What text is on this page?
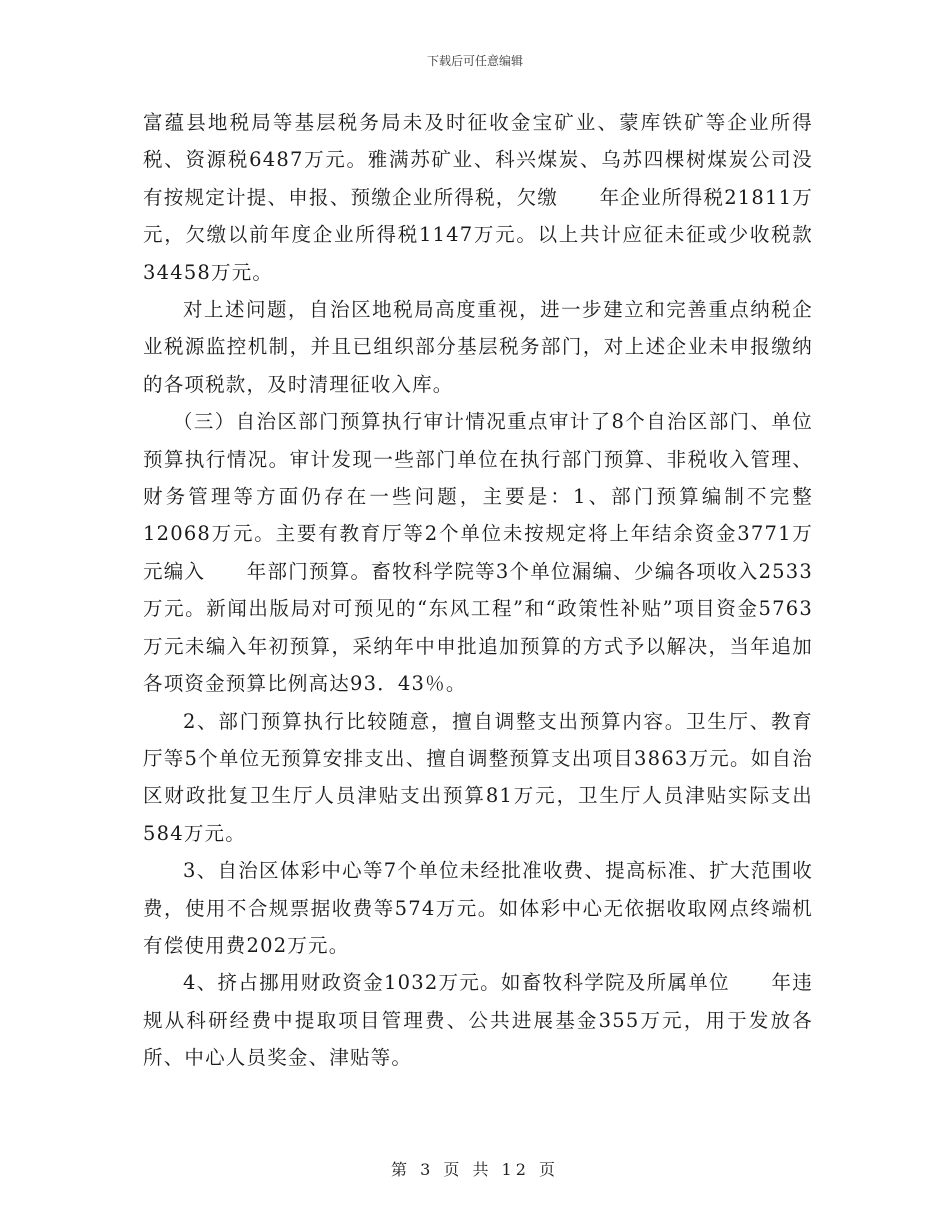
下载后可任意编辑

富蕴县地税局等基层税务局未及时征收金宝矿业、蒙库铁矿等企业所得税、资源税6487万元。雅满苏矿业、科兴煤炭、乌苏四棵树煤炭公司没有按规定计提、申报、预缴企业所得税，欠缴　　年企业所得税21811万元，欠缴以前年度企业所得税1147万元。以上共计应征未征或少收税款34458万元。

对上述问题，自治区地税局高度重视，进一步建立和完善重点纳税企业税源监控机制，并且已组织部分基层税务部门，对上述企业未申报缴纳的各项税款，及时清理征收入库。

（三）自治区部门预算执行审计情况重点审计了8个自治区部门、单位预算执行情况。审计发现一些部门单位在执行部门预算、非税收入管理、财务管理等方面仍存在一些问题，主要是：1、部门预算编制不完整12068万元。主要有教育厅等2个单位未按规定将上年结余资金3771万元编入　　年部门预算。畜牧科学院等3个单位漏编、少编各项收入2533万元。新闻出版局对可预见的“东风工程”和“政策性补贴”项目资金5763万元未编入年初预算，采纳年中申批追加预算的方式予以解决，当年追加各项资金预算比例高达93．43％。

2、部门预算执行比较随意，擅自调整支出预算内容。卫生厅、教育厅等5个单位无预算安排支出、擅自调整预算支出项目3863万元。如自治区财政批复卫生厅人员津贴支出预算81万元，卫生厅人员津贴实际支出584万元。

3、自治区体彩中心等7个单位未经批准收费、提高标准、扩大范围收费，使用不合规票据收费等574万元。如体彩中心无依据收取网点终端机有偿使用费202万元。

4、挤占挪用财政资金1032万元。如畜牧科学院及所属单位　　年违规从科研经费中提取项目管理费、公共进展基金355万元，用于发放各所、中心人员奖金、津贴等。

第 3 页 共 12 页
